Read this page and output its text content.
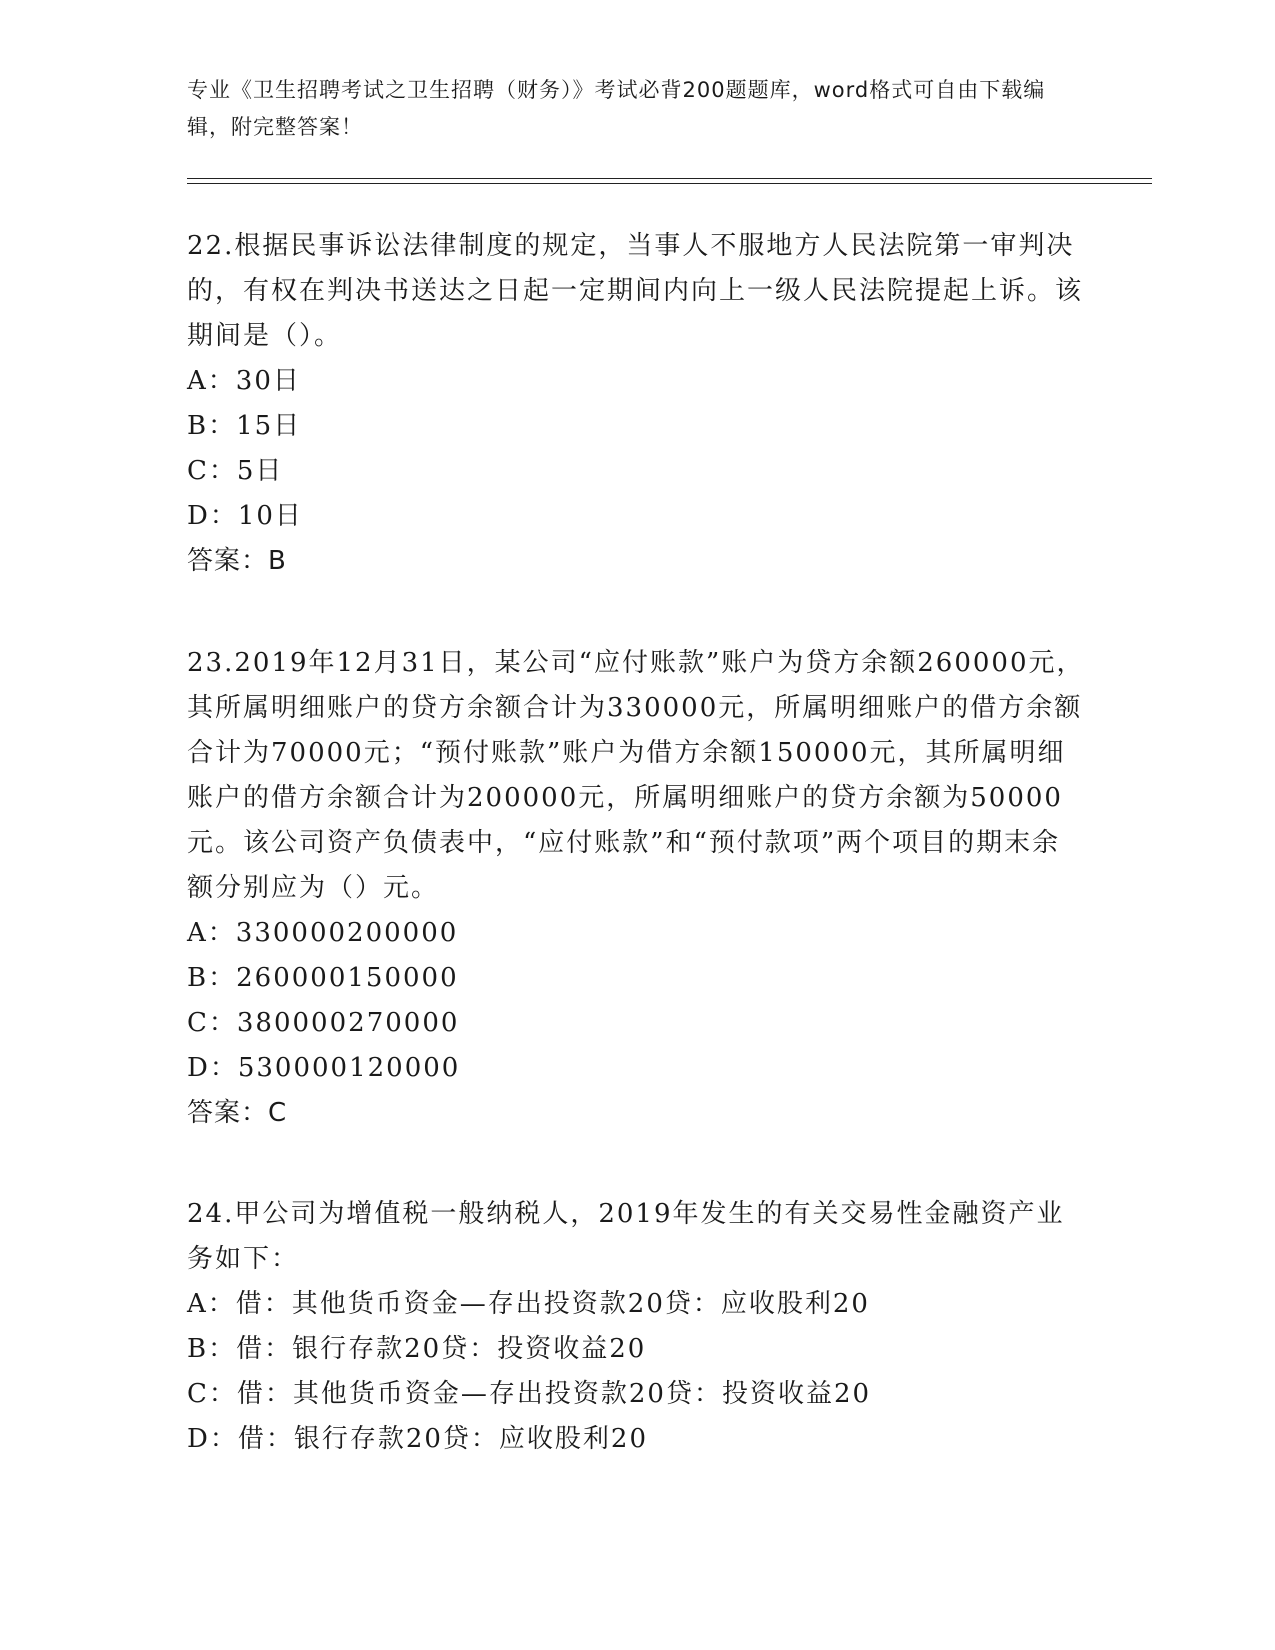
专业《卫生招聘考试之卫生招聘（财务）》考试必背200题题库，word格式可自由下载编辑，附完整答案！
22.根据民事诉讼法律制度的规定，当事人不服地方人民法院第一审判决的，有权在判决书送达之日起一定期间内向上一级人民法院提起上诉。该期间是（）。
A：30日
B：15日
C：5日
D：10日
答案：B
23.2019年12月31日，某公司“应付账款”账户为贷方余额260000元，其所属明细账户的贷方余额合计为330000元，所属明细账户的借方余额合计为70000元；“预付账款”账户为借方余额150000元，其所属明细账户的借方余额合计为200000元，所属明细账户的贷方余额为50000元。该公司资产负债表中，“应付账款”和“预付款项”两个项目的期末余额分别应为（）元。
A：330000200000
B：260000150000
C：380000270000
D：530000120000
答案：C
24.甲公司为增值税一般纳税人，2019年发生的有关交易性金融资产业务如下：
A：借：其他货币资金—存出投资款20贷：应收股利20
B：借：银行存款20贷：投资收益20
C：借：其他货币资金—存出投资款20贷：投资收益20
D：借：银行存款20贷：应收股利20
